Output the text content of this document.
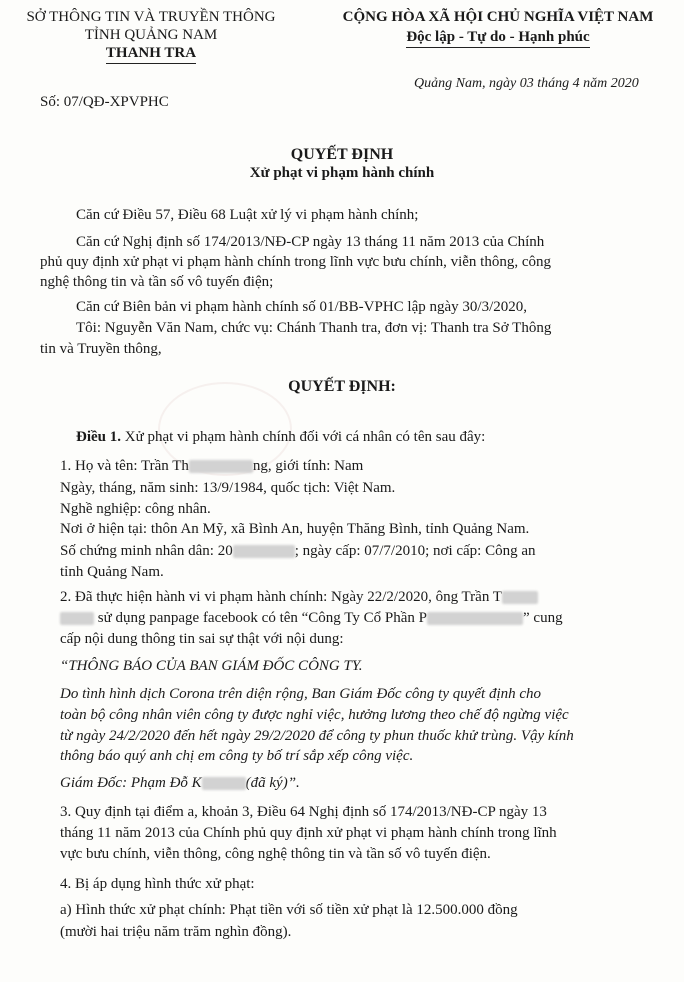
SỞ THÔNG TIN VÀ TRUYỀN THÔNG
TỈNH QUẢNG NAM
THANH TRA
CỘNG HÒA XÃ HỘI CHỦ NGHĨA VIỆT NAM
Độc lập - Tự do - Hạnh phúc
Quảng Nam, ngày 03 tháng 4 năm 2020
Số: 07/QĐ-XPVPHC
QUYẾT ĐỊNH
Xử phạt vi phạm hành chính
Căn cứ Điều 57, Điều 68 Luật xử lý vi phạm hành chính;
Căn cứ Nghị định số 174/2013/NĐ-CP ngày 13 tháng 11 năm 2013 của Chính
phủ quy định xử phạt vi phạm hành chính trong lĩnh vực bưu chính, viễn thông, công
nghệ thông tin và tần số vô tuyến điện;
Căn cứ Biên bản vi phạm hành chính số 01/BB-VPHC lập ngày 30/3/2020,
Tôi: Nguyễn Văn Nam, chức vụ: Chánh Thanh tra, đơn vị: Thanh tra Sở Thông
tin và Truyền thông,
QUYẾT ĐỊNH:
Điều 1. Xử phạt vi phạm hành chính đối với cá nhân có tên sau đây:
1. Họ và tên: Trần Th	ng, giới tính: Nam
Ngày, tháng, năm sinh: 13/9/1984, quốc tịch: Việt Nam.
Nghề nghiệp: công nhân.
Nơi ở hiện tại: thôn An Mỹ, xã Bình An, huyện Thăng Bình, tỉnh Quảng Nam.
Số chứng minh nhân dân: 20	; ngày cấp: 07/7/2010; nơi cấp: Công an
tỉnh Quảng Nam.
2. Đã thực hiện hành vi vi phạm hành chính: Ngày 22/2/2020, ông Trần T
sử dụng panpage facebook có tên “Công Ty Cổ Phần P	” cung
cấp nội dung thông tin sai sự thật với nội dung:
“THÔNG BÁO CỦA BAN GIÁM ĐỐC CÔNG TY.
Do tình hình dịch Corona trên diện rộng, Ban Giám Đốc công ty quyết định cho
toàn bộ công nhân viên công ty được nghỉ việc, hưởng lương theo chế độ ngừng việc
từ ngày 24/2/2020 đến hết ngày 29/2/2020 để công ty phun thuốc khử trùng. Vậy kính
thông báo quý anh chị em công ty bố trí sắp xếp công việc.
Giám Đốc: Phạm Đỗ K	(đã ký)”.
3. Quy định tại điểm a, khoản 3, Điều 64 Nghị định số 174/2013/NĐ-CP ngày 13
tháng 11 năm 2013 của Chính phủ quy định xử phạt vi phạm hành chính trong lĩnh
vực bưu chính, viễn thông, công nghệ thông tin và tần số vô tuyến điện.
4. Bị áp dụng hình thức xử phạt:
a) Hình thức xử phạt chính: Phạt tiền với số tiền xử phạt là 12.500.000 đồng
(mười hai triệu năm trăm nghìn đồng).
